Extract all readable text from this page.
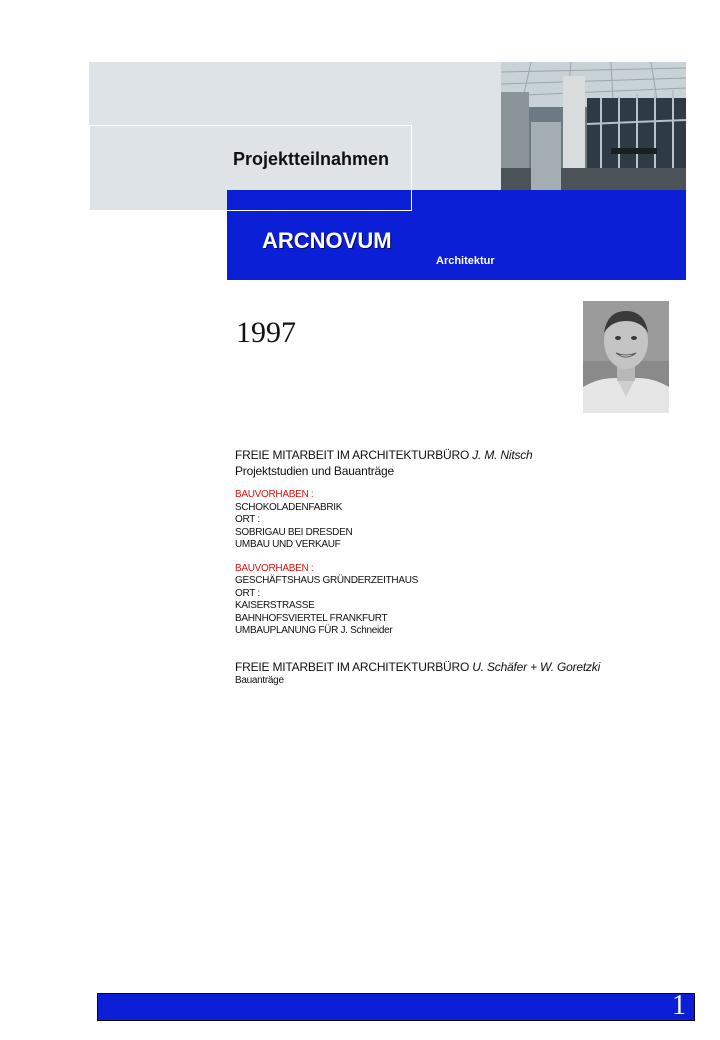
Projektteilnahmen
ARCNOVUM
Architektur
1997
FREIE MITARBEIT IM ARCHITEKTURBÜRO J. M. Nitsch
Projektstudien und Bauanträge
BAUVORHABEN :
SCHOKOLADENFABRIK
ORT :
SOBRIGAU BEI DRESDEN
UMBAU UND VERKAUF
BAUVORHABEN :
GESCHÄFTSHAUS GRÜNDERZEITHAUS
ORT :
KAISERSTRASSE
BAHNHOFSVIERTEL FRANKFURT
UMBAUPLANUNG FÜR J. Schneider
FREIE MITARBEIT IM ARCHITEKTURBÜRO U. Schäfer + W. Goretzki
Bauanträge
1
